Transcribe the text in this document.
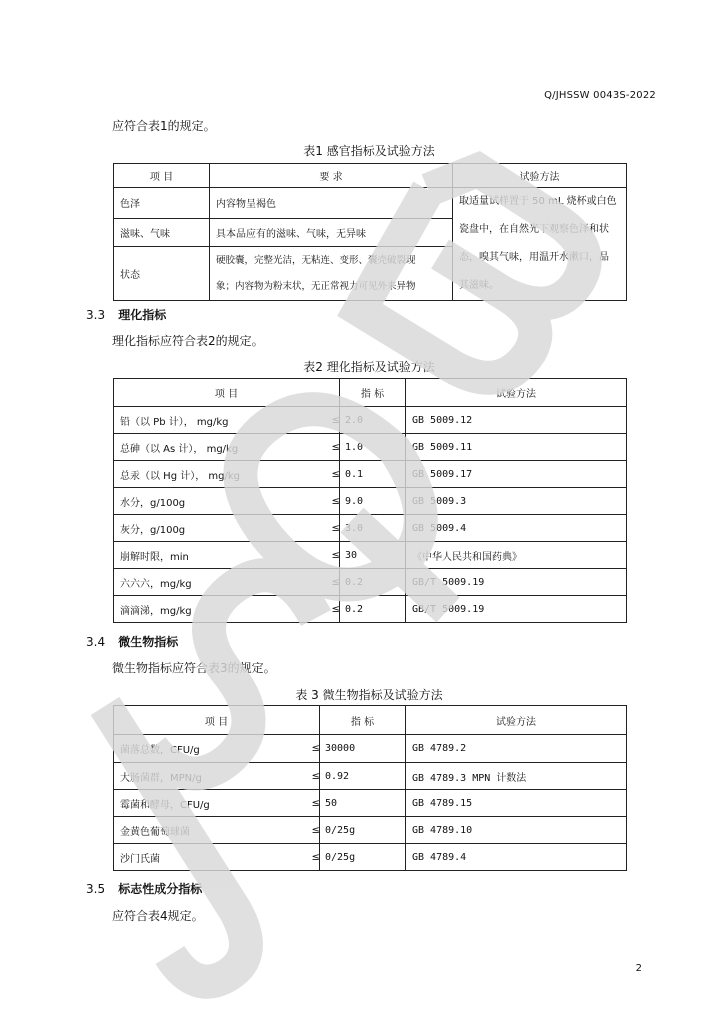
Q/JHSSW 0043S-2022
应符合表1的规定。
表1 感官指标及试验方法
项 目	要 求	试验方法
色泽	内容物呈褐色	取适量试样置于 50 mL 烧杯或白色
瓷盘中，在自然光下观察色泽和状
态，嗅其气味，用温开水漱口，品
其滋味。

滋味、气味	具本品应有的滋味、气味，无异味	
状态	硬胶囊，完整光洁，无粘连、变形、囊壳破裂现
象；内容物为粉末状，无正常视力可见外来异物	
3.3 理化指标
理化指标应符合表2的规定。
表2 理化指标及试验方法
项 目		指 标	试验方法
铅（以 Pb 计）， mg/kg	≤	2.0	GB 5009.12
总砷（以 As 计）， mg/kg	≤	1.0	GB 5009.11
总汞（以 Hg 计）， mg/kg	≤	0.1	GB 5009.17
水分，g/100g	≤	9.0	GB 5009.3
灰分，g/100g	≤	3.0	GB 5009.4
崩解时限，min	≤	30	《中华人民共和国药典》
六六六，mg/kg	≤	0.2	GB/T 5009.19
滴滴涕，mg/kg	≤	0.2	GB/T 5009.19
3.4 微生物指标
微生物指标应符合表3的规定。
表 3 微生物指标及试验方法
项 目		指 标	试验方法
菌落总数，CFU/g	≤	30000	GB 4789.2
大肠菌群，MPN/g	≤	0.92	GB 4789.3 MPN 计数法
霉菌和酵母，CFU/g	≤	50	GB 4789.15
金黄色葡萄球菌	≤	0/25g	GB 4789.10
沙门氏菌	≤	0/25g	GB 4789.4
3.5 标志性成分指标
应符合表4规定。
2
